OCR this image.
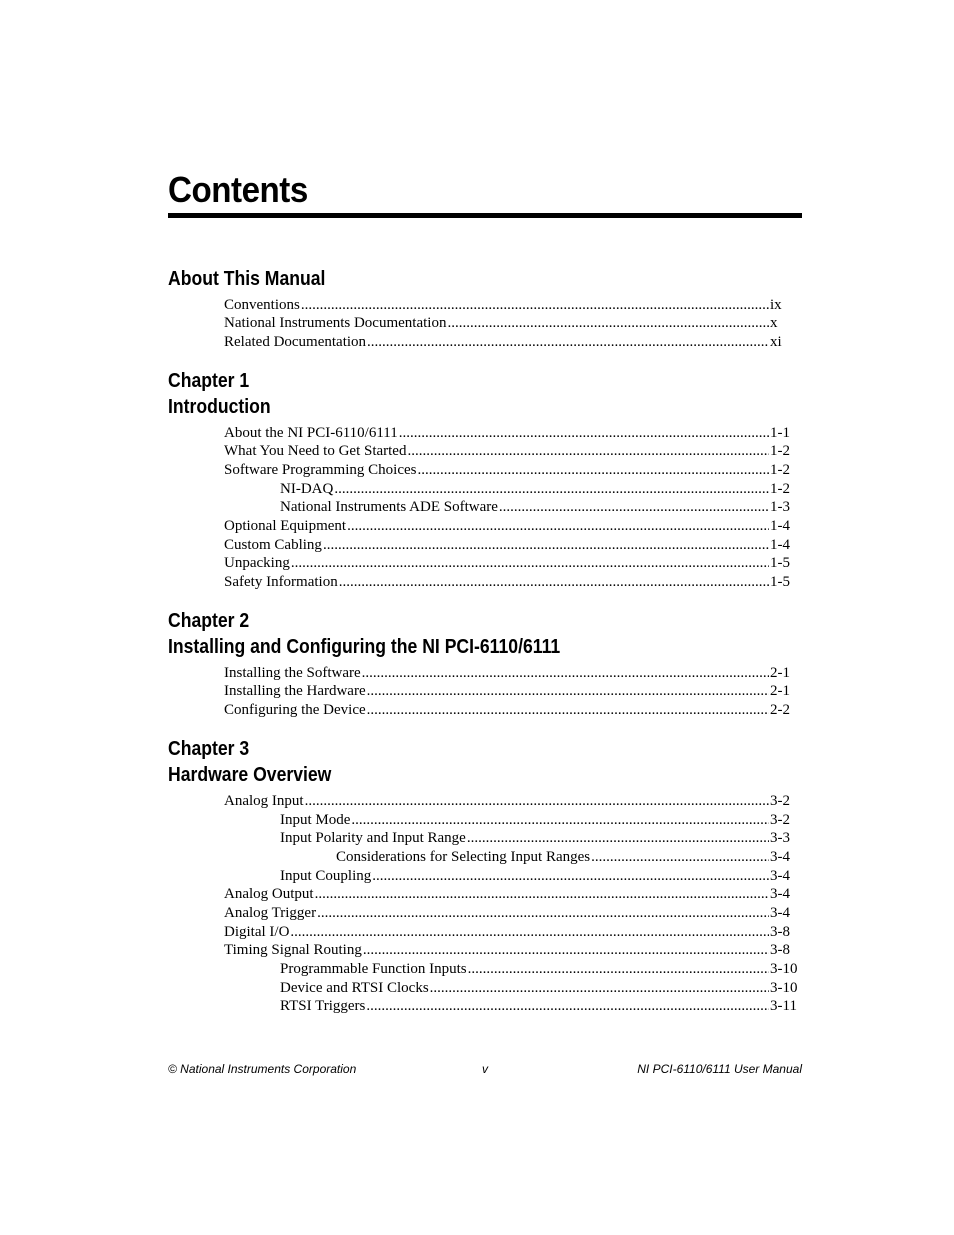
Contents
About This Manual
Conventions .....	ix
National Instruments Documentation .....	x
Related Documentation .....	xi
Chapter 1
Introduction
About the NI PCI-6110/6111 .....	1-1
What You Need to Get Started .....	1-2
Software Programming Choices .....	1-2
NI-DAQ .....	1-2
National Instruments ADE Software .....	1-3
Optional Equipment .....	1-4
Custom Cabling .....	1-4
Unpacking .....	1-5
Safety Information .....	1-5
Chapter 2
Installing and Configuring the NI PCI-6110/6111
Installing the Software .....	2-1
Installing the Hardware .....	2-1
Configuring the Device .....	2-2
Chapter 3
Hardware Overview
Analog Input .....	3-2
Input Mode .....	3-2
Input Polarity and Input Range .....	3-3
Considerations for Selecting Input Ranges .....	3-4
Input Coupling .....	3-4
Analog Output .....	3-4
Analog Trigger .....	3-4
Digital I/O .....	3-8
Timing Signal Routing .....	3-8
Programmable Function Inputs .....	3-10
Device and RTSI Clocks .....	3-10
RTSI Triggers .....	3-11
© National Instruments Corporation	v	NI PCI-6110/6111 User Manual
